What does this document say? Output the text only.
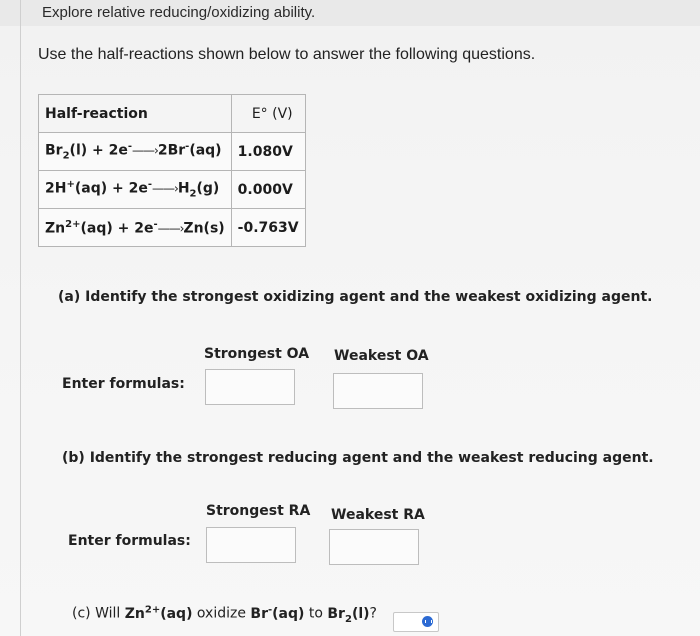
Explore relative reducing/oxidizing ability.
Use the half-reactions shown below to answer the following questions.
Half-reaction	E° (V)
$Br_2(l)$ + 2e-——›2Br-(aq)	1.080V
$2H^+(aq) + 2e^-——›H_2(g)$	0.000V
$Zn^{2+}(aq)$ + 2e-——›Zn(s)	-0.763V
(a) Identify the strongest oxidizing agent and the weakest oxidizing agent.
Strongest OA Weakest OA
Enter formulas:
(b) Identify the strongest reducing agent and the weakest reducing agent.
Strongest RA Weakest RA
Enter formulas:
(c) Will $Zn^{2+}(aq)$ oxidize Br-(aq) to $Br_2(l)$?
